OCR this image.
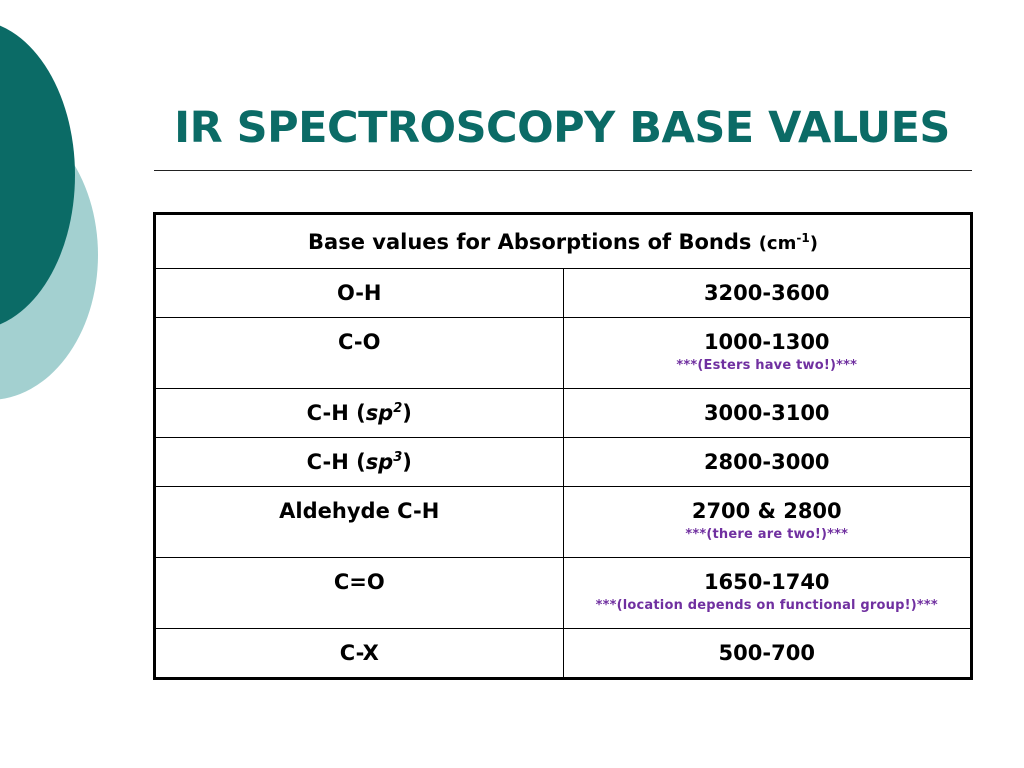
IR SPECTROSCOPY BASE VALUES
Base values for Absorptions of Bonds $(cm^{-1})$	

O-H	3200-3600

C-O	1000-1300
***(Esters have two!)***

C-H $(sp^2)$	3000-3100

C-H $(sp^3)$	2800-3000

Aldehyde C-H	2700 & 2800
***(there are two!)***

C=O	1650-1740
***(location depends on functional group!)***

C-X	500-700
